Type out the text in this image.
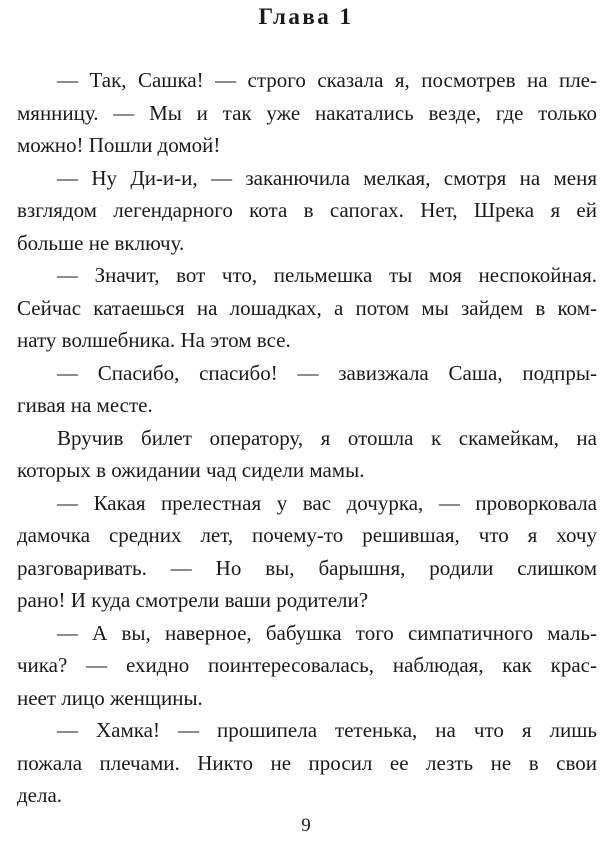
Глава 1
— Так, Сашка! — строго сказала я, посмотрев на пле-
мянницу. — Мы и так уже накатались везде, где только
можно! Пошли домой!
— Ну Ди-и-и, — заканючила мелкая, смотря на меня
взглядом легендарного кота в сапогах. Нет, Шрека я ей
больше не включу.
— Значит, вот что, пельмешка ты моя неспокойная.
Сейчас катаешься на лошадках, а потом мы зайдем в ком-
нату волшебника. На этом все.
— Спасибо, спасибо! — завизжала Саша, подпры-
гивая на месте.
Вручив билет оператору, я отошла к скамейкам, на
которых в ожидании чад сидели мамы.
— Какая прелестная у вас дочурка, — проворковала
дамочка средних лет, почему-то решившая, что я хочу
разговаривать. — Но вы, барышня, родили слишком
рано! И куда смотрели ваши родители?
— А вы, наверное, бабушка того симпатичного маль-
чика? — ехидно поинтересовалась, наблюдая, как крас-
неет лицо женщины.
— Хамка! — прошипела тетенька, на что я лишь
пожала плечами. Никто не просил ее лезть не в свои
дела.
9
